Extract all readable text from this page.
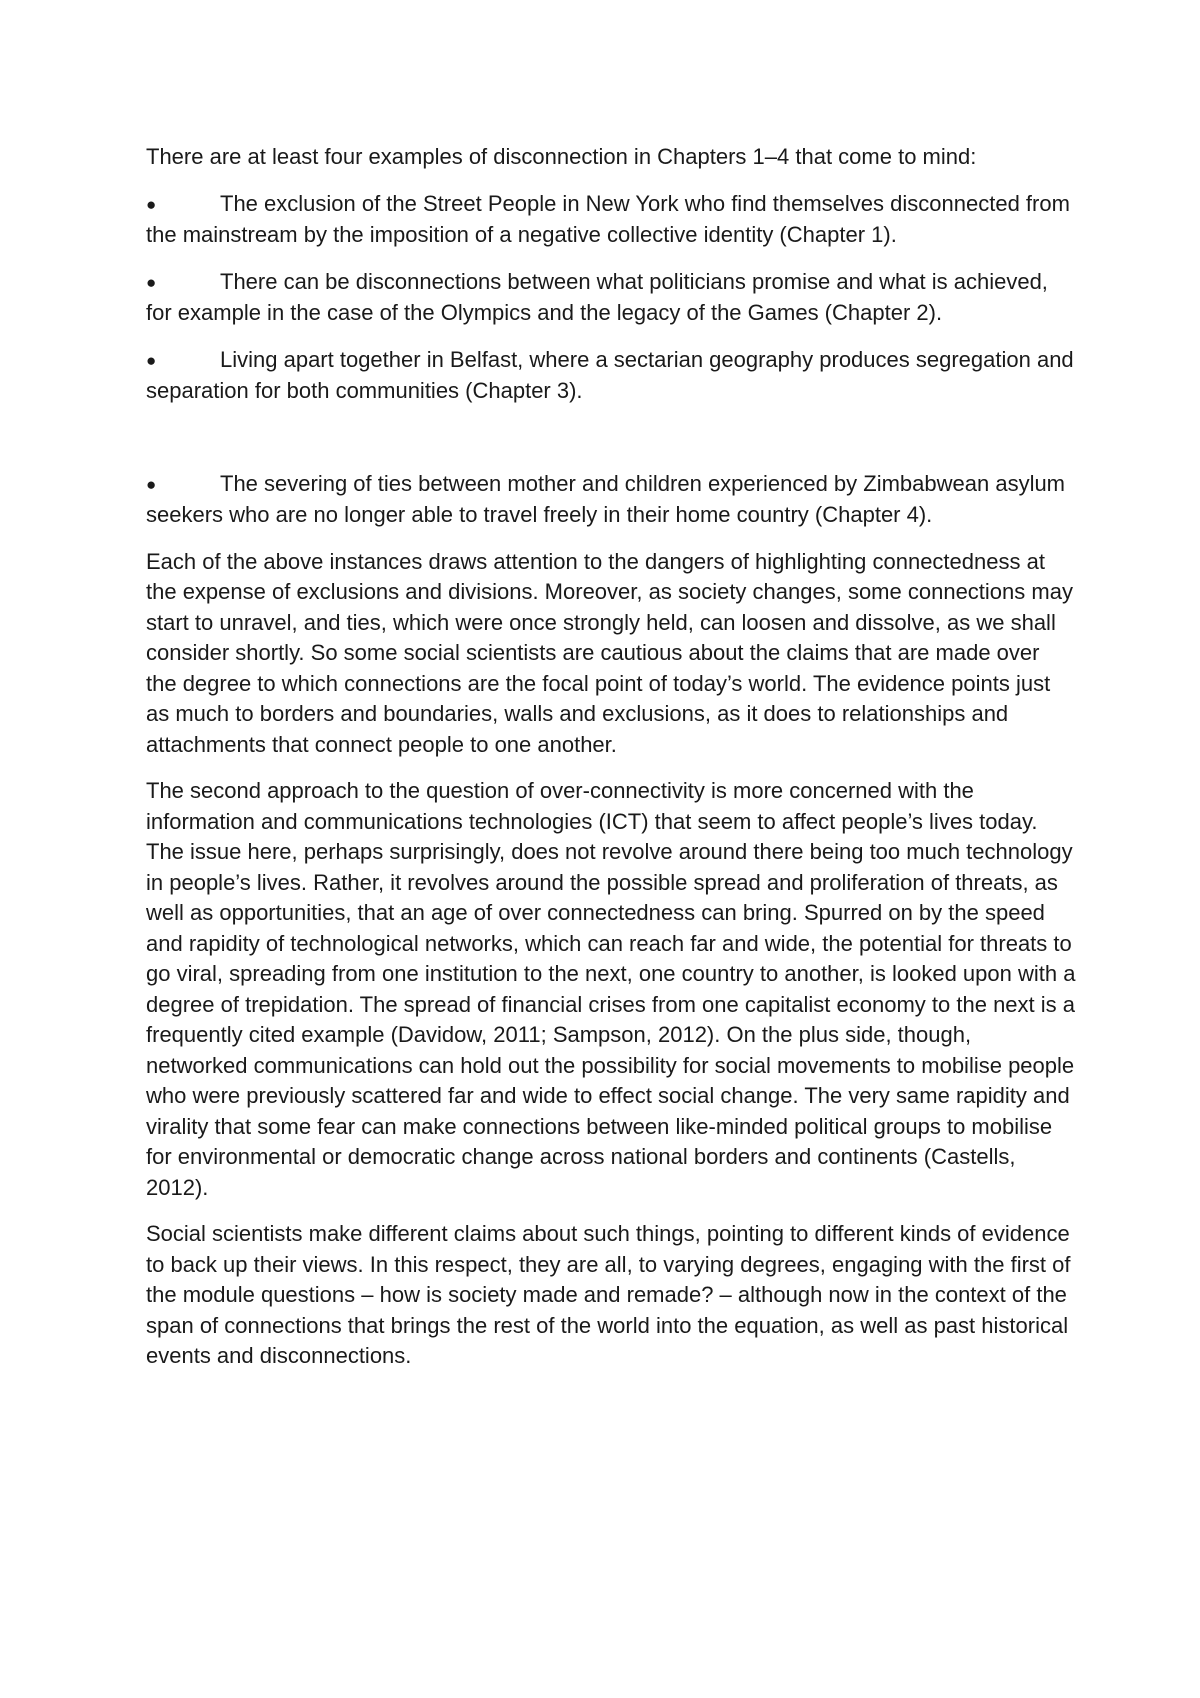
There are at least four examples of disconnection in Chapters 1–4 that come to mind:

●	The exclusion of the Street People in New York who find themselves disconnected from the mainstream by the imposition of a negative collective identity (Chapter 1).
●	There can be disconnections between what politicians promise and what is achieved, for example in the case of the Olympics and the legacy of the Games (Chapter 2).
●	Living apart together in Belfast, where a sectarian geography produces segregation and separation for both communities (Chapter 3).
●	The severing of ties between mother and children experienced by Zimbabwean asylum seekers who are no longer able to travel freely in their home country (Chapter 4).

Each of the above instances draws attention to the dangers of highlighting connectedness at the expense of exclusions and divisions. Moreover, as society changes, some connections may start to unravel, and ties, which were once strongly held, can loosen and dissolve, as we shall consider shortly. So some social scientists are cautious about the claims that are made over the degree to which connections are the focal point of today’s world. The evidence points just as much to borders and boundaries, walls and exclusions, as it does to relationships and attachments that connect people to one another.

The second approach to the question of over-connectivity is more concerned with the information and communications technologies (ICT) that seem to affect people’s lives today. The issue here, perhaps surprisingly, does not revolve around there being too much technology in people’s lives. Rather, it revolves around the possible spread and proliferation of threats, as well as opportunities, that an age of over connectedness can bring. Spurred on by the speed and rapidity of technological networks, which can reach far and wide, the potential for threats to go viral, spreading from one institution to the next, one country to another, is looked upon with a degree of trepidation. The spread of financial crises from one capitalist economy to the next is a frequently cited example (Davidow, 2011; Sampson, 2012). On the plus side, though, networked communications can hold out the possibility for social movements to mobilise people who were previously scattered far and wide to effect social change. The very same rapidity and virality that some fear can make connections between like-minded political groups to mobilise for environmental or democratic change across national borders and continents (Castells, 2012).

Social scientists make different claims about such things, pointing to different kinds of evidence to back up their views. In this respect, they are all, to varying degrees, engaging with the first of the module questions – how is society made and remade? – although now in the context of the span of connections that brings the rest of the world into the equation, as well as past historical events and disconnections.
